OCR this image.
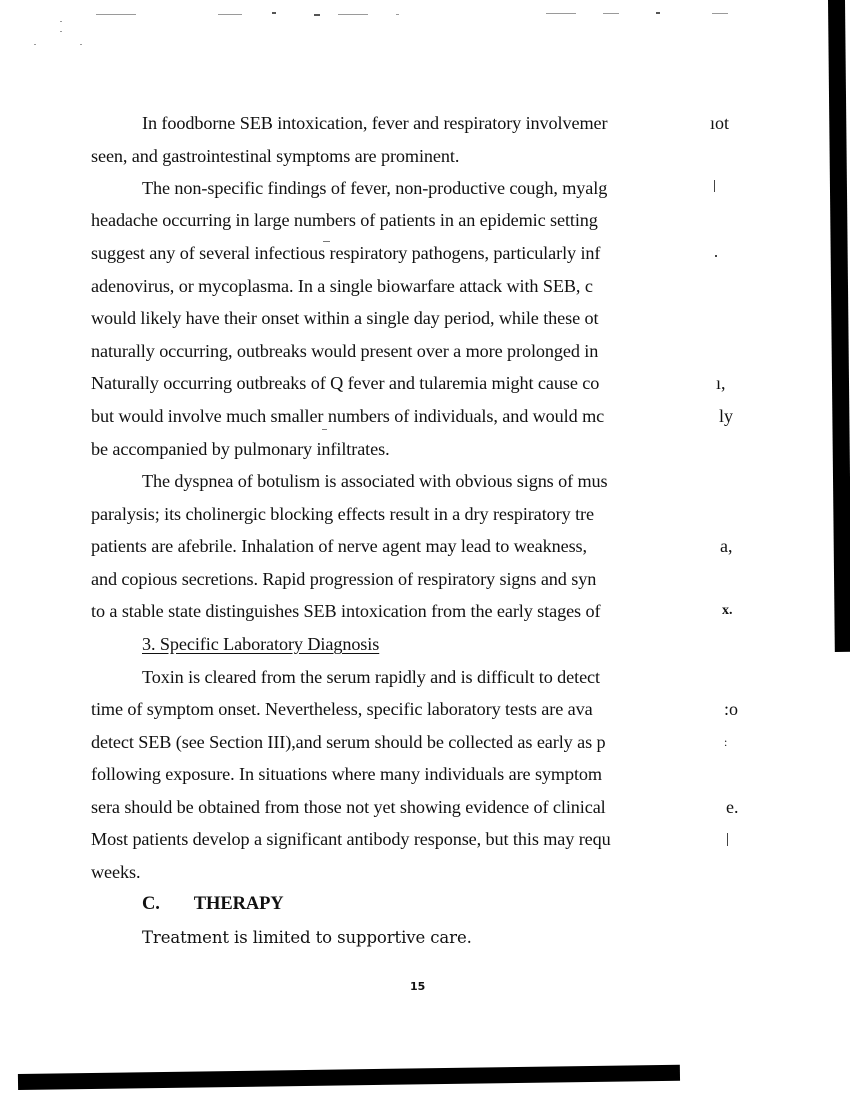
In foodborne SEB intoxication, fever and respiratory involvemer
seen, and gastrointestinal symptoms are prominent.
The non-specific findings of fever, non-productive cough, myalg
headache occurring in large numbers of patients in an epidemic setting
suggest any of several infectious respiratory pathogens, particularly inf
adenovirus, or mycoplasma. In a single biowarfare attack with SEB, c
would likely have their onset within a single day period, while these ot
naturally occurring, outbreaks would present over a more prolonged in
Naturally occurring outbreaks of Q fever and tularemia might cause co
but would involve much smaller numbers of individuals, and would mc
be accompanied by pulmonary infiltrates.
The dyspnea of botulism is associated with obvious signs of mus
paralysis; its cholinergic blocking effects result in a dry respiratory tre
patients are afebrile. Inhalation of nerve agent may lead to weakness,
and copious secretions. Rapid progression of respiratory signs and syn
to a stable state distinguishes SEB intoxication from the early stages of
3. Specific Laboratory Diagnosis
Toxin is cleared from the serum rapidly and is difficult to detect
time of symptom onset. Nevertheless, specific laboratory tests are ava
detect SEB (see Section III),and serum should be collected as early as p
following exposure. In situations where many individuals are symptom
sera should be obtained from those not yet showing evidence of clinical
Most patients develop a significant antibody response, but this may requ
weeks.
C. THERAPY
Treatment is limited to supportive care.
15
ıot
ı,
ly
a,
x.
:o
:
e.
